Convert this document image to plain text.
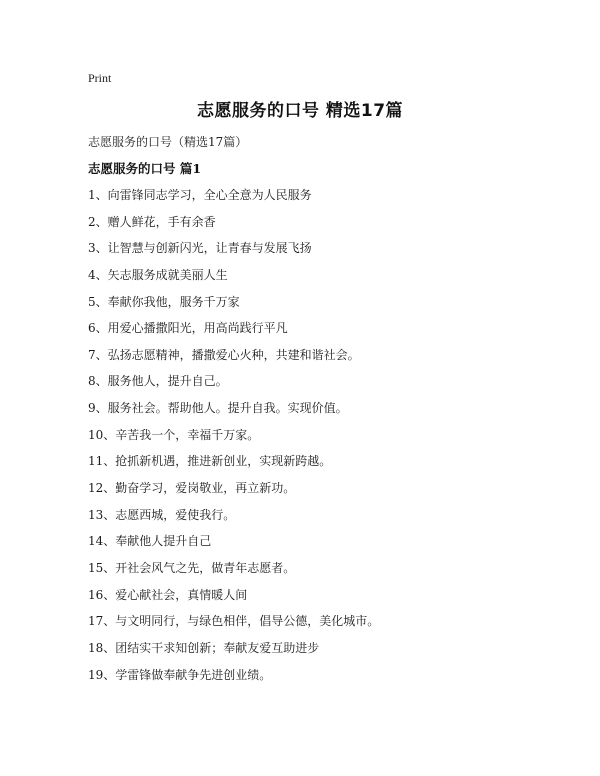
Print
志愿服务的口号 精选17篇
志愿服务的口号（精选17篇）
志愿服务的口号 篇1
1、向雷锋同志学习，全心全意为人民服务
2、赠人鲜花，手有余香
3、让智慧与创新闪光，让青春与发展飞扬
4、矢志服务成就美丽人生
5、奉献你我他，服务千万家
6、用爱心播撒阳光，用高尚践行平凡
7、弘扬志愿精神，播撒爱心火种，共建和谐社会。
8、服务他人，提升自己。
9、服务社会。帮助他人。提升自我。实现价值。
10、辛苦我一个，幸福千万家。
11、抢抓新机遇，推进新创业，实现新跨越。
12、勤奋学习，爱岗敬业，再立新功。
13、志愿西城，爱使我行。
14、奉献他人提升自己
15、开社会风气之先，做青年志愿者。
16、爱心献社会，真情暖人间
17、与文明同行，与绿色相伴，倡导公德，美化城市。
18、团结实干求知创新；奉献友爱互助进步
19、学雷锋做奉献争先进创业绩。
